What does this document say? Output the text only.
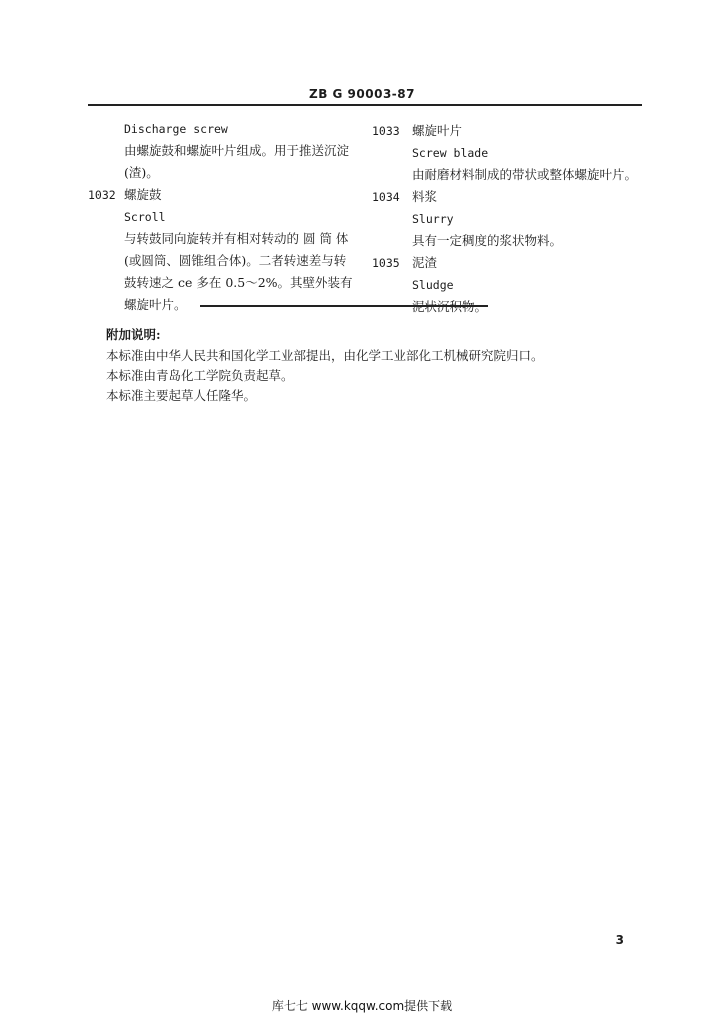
ZB G 90003-87
Discharge screw
由螺旋鼓和螺旋叶片组成。用于推送沉淀
(渣)。
1032 螺旋鼓
Scroll
与转鼓同向旋转并有相对转动的 圆 筒 体
(或圆筒、圆锥组合体)。二者转速差与转
鼓转速之 ce 多在 0.5～2%。其壁外装有
螺旋叶片。
1033 螺旋叶片
Screw blade
由耐磨材料制成的带状或整体螺旋叶片。
1034 料浆
Slurry
具有一定稠度的浆状物料。
1035 泥渣
Sludge
附加说明:
本标准由中华人民共和国化学工业部提出，由化学工业部化工机械研究院归口。
本标准由青岛化工学院负责起草。
本标准主要起草人任隆华。
3
库七七 www.kqqw.com提供下载
